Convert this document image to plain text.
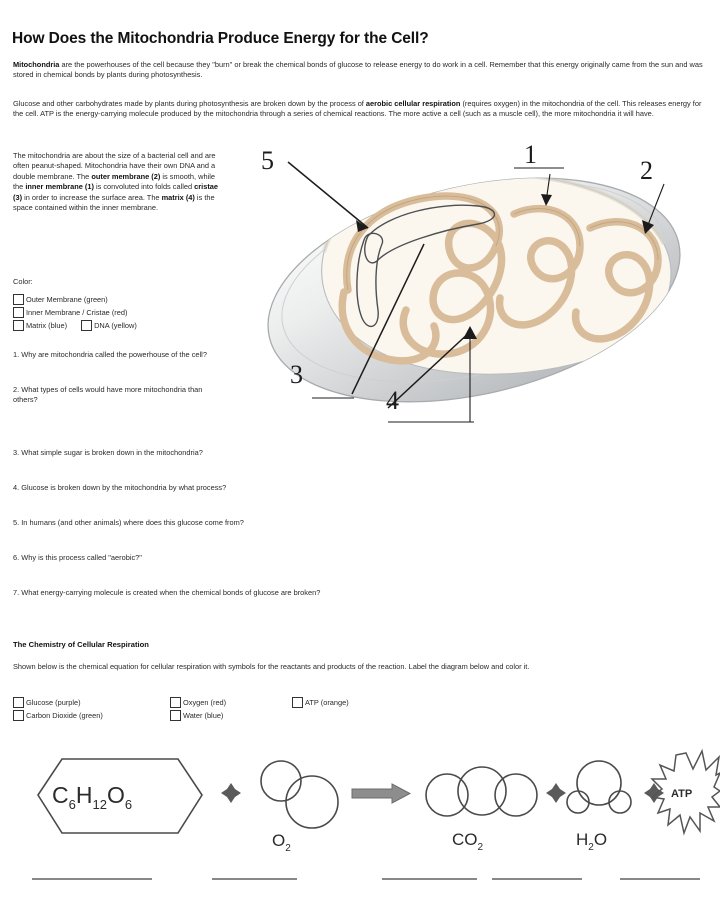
How Does the Mitochondria Produce Energy for the Cell?
Mitochondria are the powerhouses of the cell because they "burn" or break the chemical bonds of glucose to release energy to do work in a cell. Remember that this energy originally came from the sun and was stored in chemical bonds by plants during photosynthesis.
Glucose and other carbohydrates made by plants during photosynthesis are broken down by the process of aerobic cellular respiration (requires oxygen) in the mitochondria of the cell. This releases energy for the cell. ATP is the energy-carrying molecule produced by the mitochondria through a series of chemical reactions. The more active a cell (such as a muscle cell), the more mitochondria it will have.
The mitochondria are about the size of a bacterial cell and are often peanut-shaped. Mitochondria have their own DNA and a double membrane. The outer membrane (2) is smooth, while the inner membrane (1) is convoluted into folds called cristae (3) in order to increase the surface area. The matrix (4) is the space contained within the inner membrane.
Color:
Outer Membrane (green)
Inner Membrane / Cristae (red)
Matrix (blue)	DNA (yellow)
1. Why are mitochondria called the powerhouse of the cell?
2. What types of cells would have more mitochondria than others?
3. What simple sugar is broken down in the mitochondria?
4. Glucose is broken down by the mitochondria by what process?
5. In humans (and other animals) where does this glucose come from?
6. Why is this process called "aerobic?"
7. What energy-carrying molecule is created when the chemical bonds of glucose are broken?
The Chemistry of Cellular Respiration
Shown below is the chemical equation for cellular respiration with symbols for the reactants and products of the reaction. Label the diagram below and color it.
Glucose (purple)
Carbon Dioxide (green)
Oxygen (red)
Water (blue)
ATP (orange)
$C_6H_{12}O_6$
$O_2$	$CO_2$	$H_2O$
ATP
5	1
2
3
4
